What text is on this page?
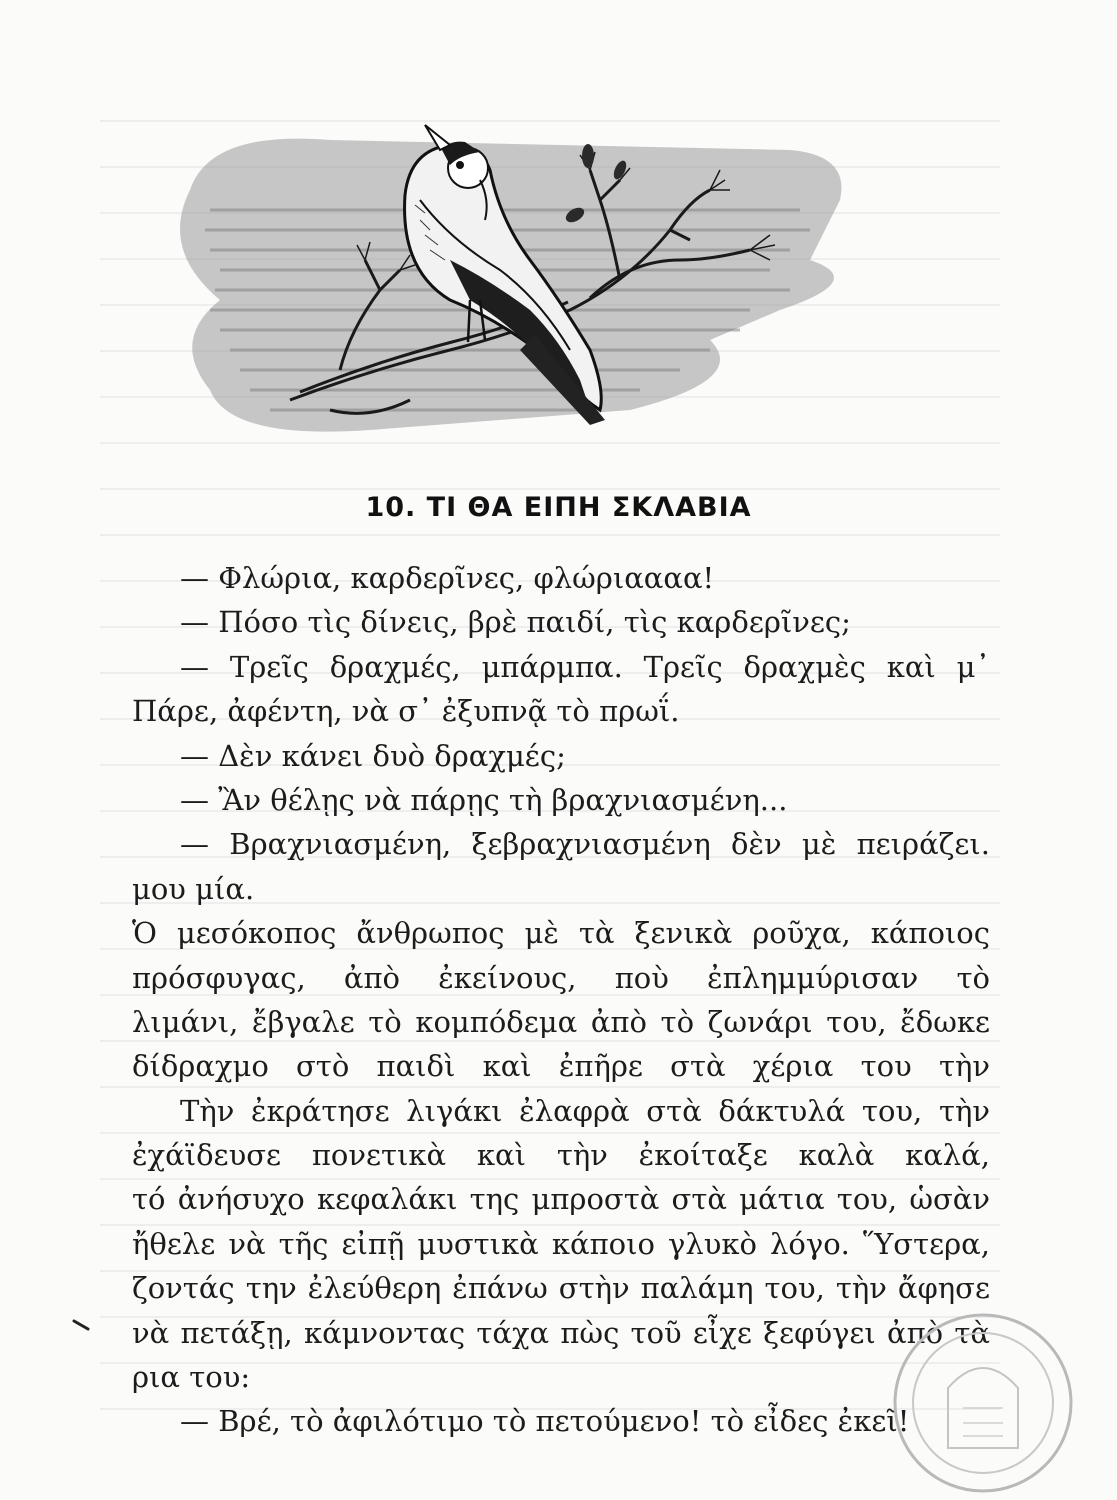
10. ΤΙ ΘΑ ΕΙΠΗ ΣΚΛΑΒΙΑ
— Φλώρια, καρδερῖνες, φλώριαααα!
— Πόσο τὶς δίνεις, βρὲ παιδί, τὶς καρδερῖνες;
— Τρεῖς δραχμές, μπάρμπα. Τρεῖς δραχμὲς καὶ μ᾽
Πάρε, ἀφέντη, νὰ σ᾽ ἐξυπνᾷ τὸ πρωΐ.
— Δὲν κάνει δυὸ δραχμές;
— Ἂν θέλῃς νὰ πάρῃς τὴ βραχνιασμένη...
— Βραχνιασμένη, ξεβραχνιασμένη δὲν μὲ πειράζει.
μου μία.
Ὁ μεσόκοπος ἄνθρωπος μὲ τὰ ξενικὰ ροῦχα, κάποιος
πρόσφυγας, ἀπὸ ἐκείνους, ποὺ ἐπλημμύρισαν τὸ
λιμάνι, ἔβγαλε τὸ κομπόδεμα ἀπὸ τὸ ζωνάρι του, ἔδωκε
δίδραχμο στὸ παιδὶ καὶ ἐπῆρε στὰ χέρια του τὴν
Τὴν ἐκράτησε λιγάκι ἐλαφρὰ στὰ δάκτυλά του, τὴν
ἐχάϊδευσε πονετικὰ καὶ τὴν ἐκοίταξε καλὰ καλά,
τό ἀνήσυχο κεφαλάκι της μπροστὰ στὰ μάτια του, ὡσὰν
ἤθελε νὰ τῆς εἰπῇ μυστικὰ κάποιο γλυκὸ λόγο. Ὕστερα,
ζοντάς την ἐλεύθερη ἐπάνω στὴν παλάμη του, τὴν ἄφησε
νὰ πετάξῃ, κάμνοντας τάχα πὼς τοῦ εἶχε ξεφύγει ἀπὸ τὰ
ρια του:
— Βρέ, τὸ ἀφιλότιμο τὸ πετούμενο! τὸ εἶδες ἐκεῖ!
